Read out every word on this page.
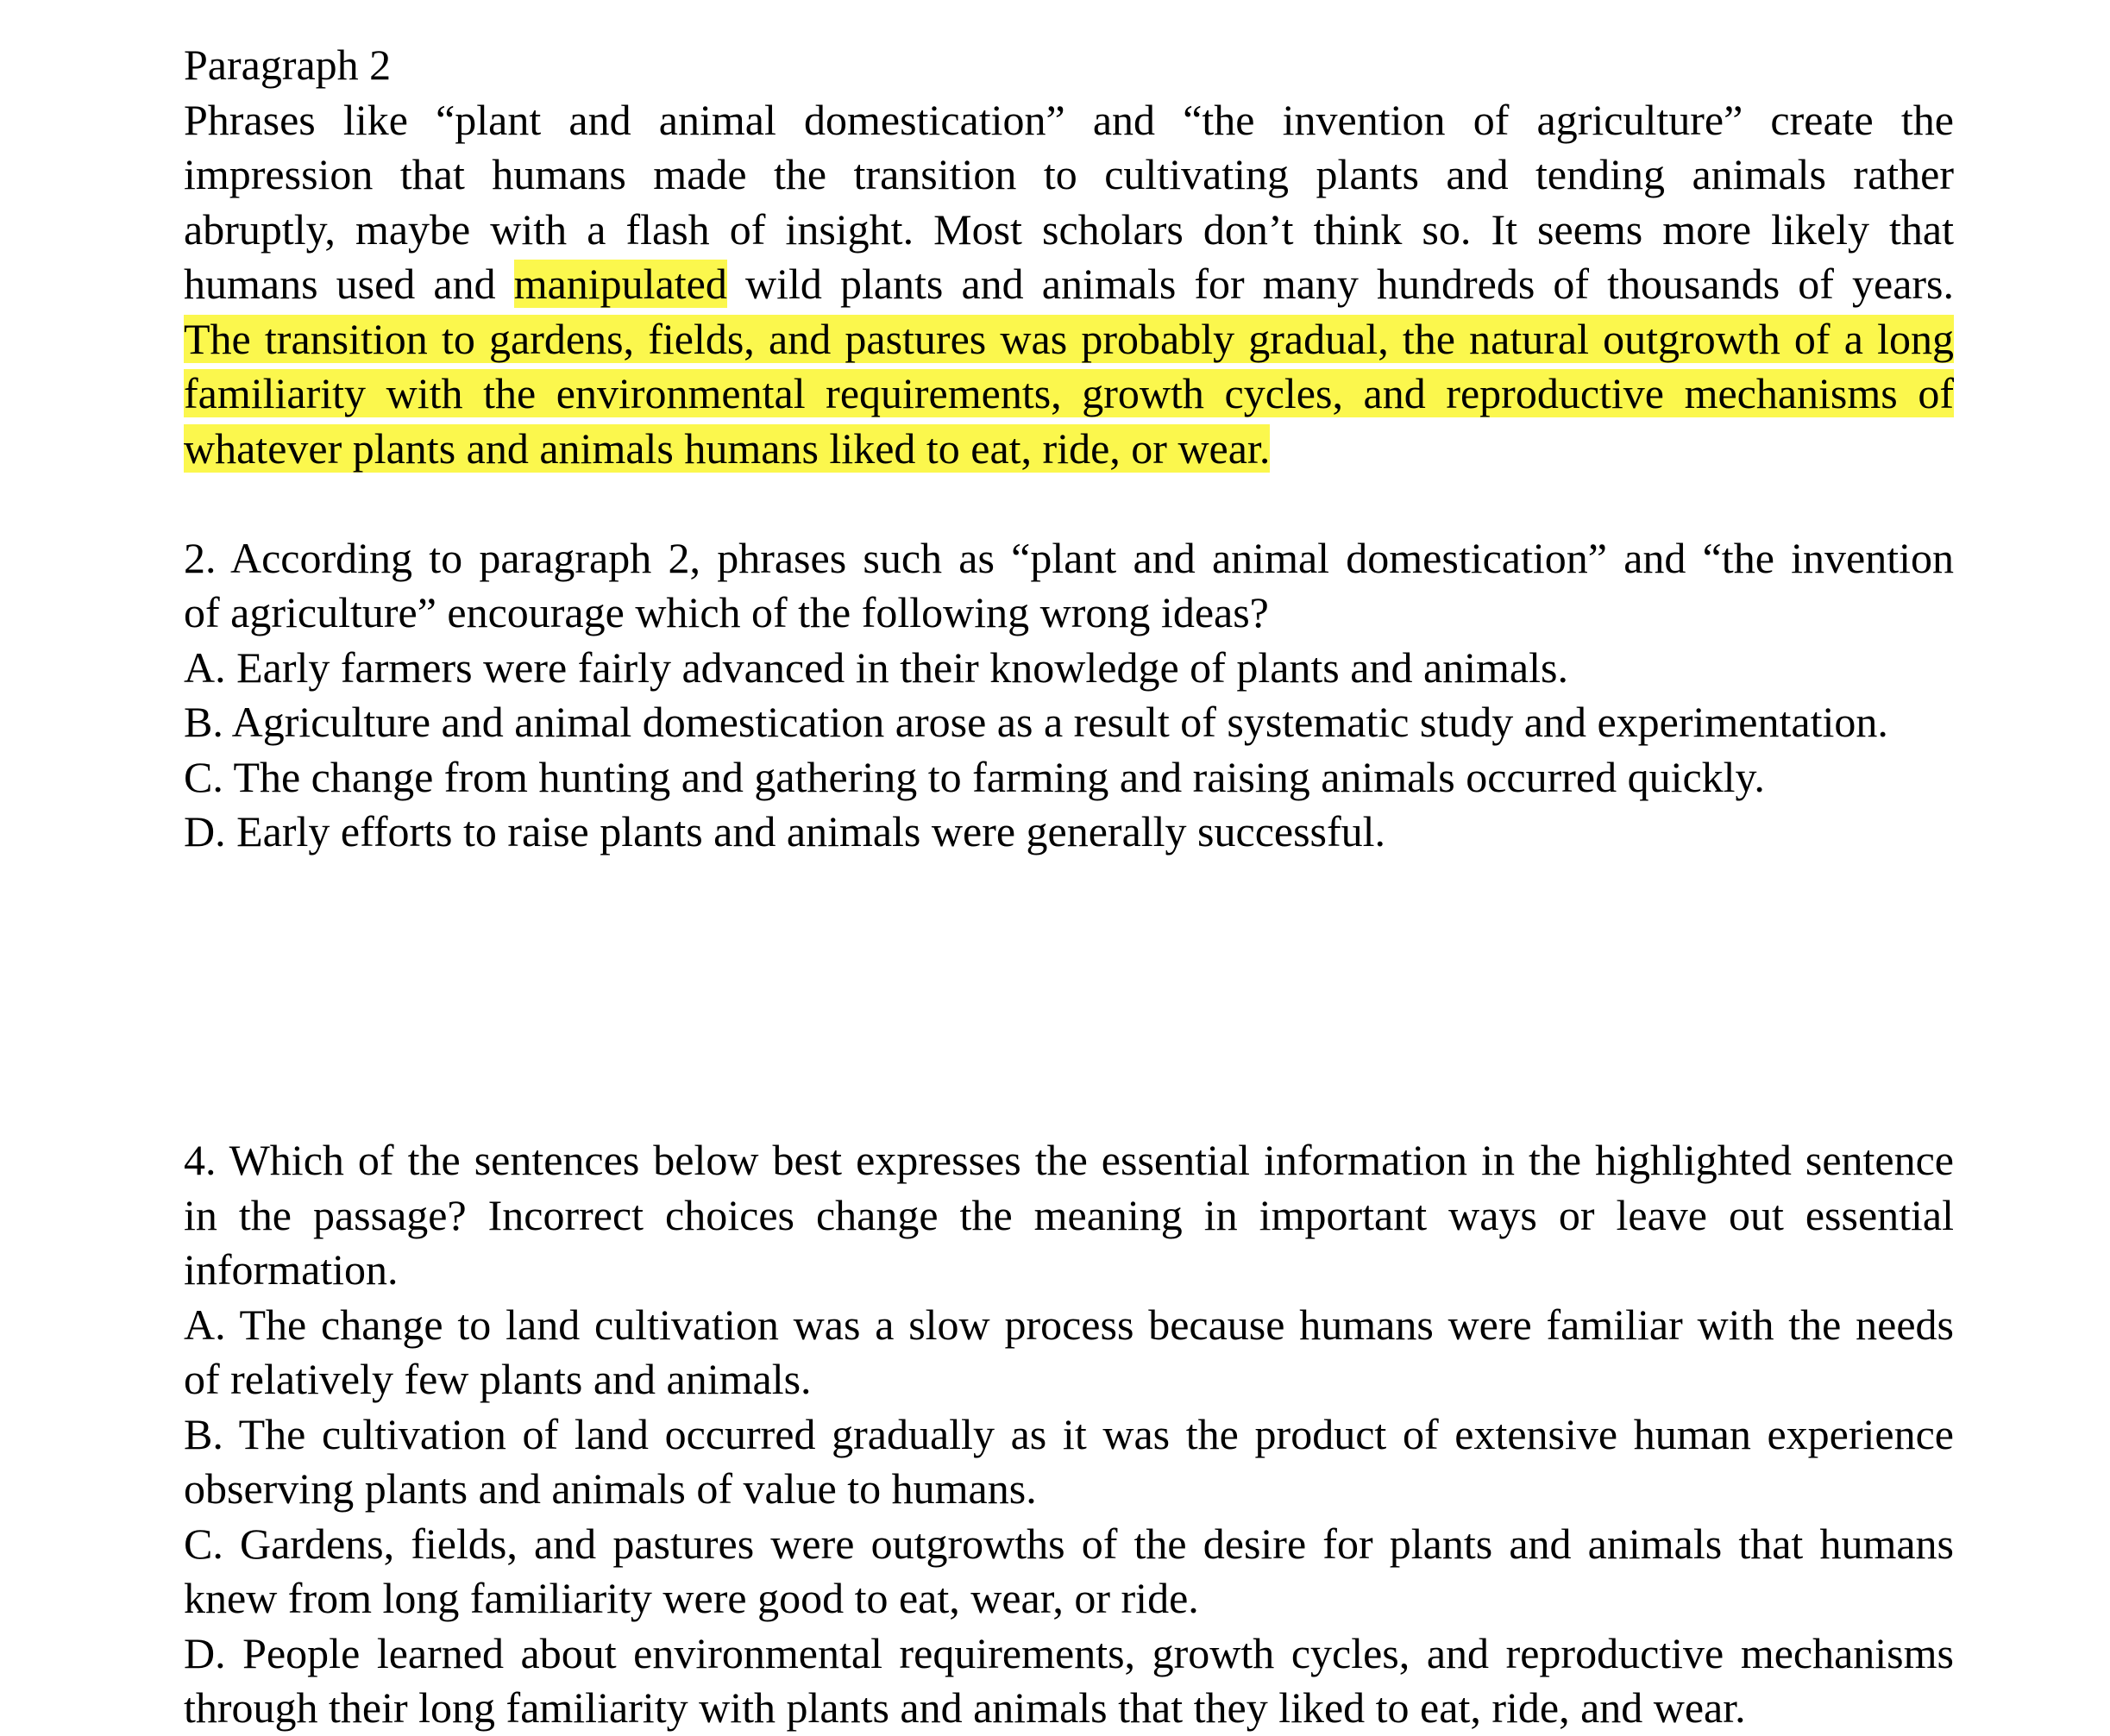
Paragraph 2
Phrases like “plant and animal domestication” and “the invention of agriculture” create the
impression that humans made the transition to cultivating plants and tending animals rather
abruptly, maybe with a flash of insight. Most scholars don’t think so. It seems more likely that
humans used and manipulated wild plants and animals for many hundreds of thousands of years.
The transition to gardens, fields, and pastures was probably gradual, the natural outgrowth of a long
familiarity with the environmental requirements, growth cycles, and reproductive mechanisms of
whatever plants and animals humans liked to eat, ride, or wear.
2. According to paragraph 2, phrases such as “plant and animal domestication” and “the invention
of agriculture” encourage which of the following wrong ideas?
A. Early farmers were fairly advanced in their knowledge of plants and animals.
B. Agriculture and animal domestication arose as a result of systematic study and experimentation.
C. The change from hunting and gathering to farming and raising animals occurred quickly.
D. Early efforts to raise plants and animals were generally successful.
4. Which of the sentences below best expresses the essential information in the highlighted sentence
in the passage? Incorrect choices change the meaning in important ways or leave out essential
information.
A. The change to land cultivation was a slow process because humans were familiar with the needs
of relatively few plants and animals.
B. The cultivation of land occurred gradually as it was the product of extensive human experience
observing plants and animals of value to humans.
C. Gardens, fields, and pastures were outgrowths of the desire for plants and animals that humans
knew from long familiarity were good to eat, wear, or ride.
D. People learned about environmental requirements, growth cycles, and reproductive mechanisms
through their long familiarity with plants and animals that they liked to eat, ride, and wear.
